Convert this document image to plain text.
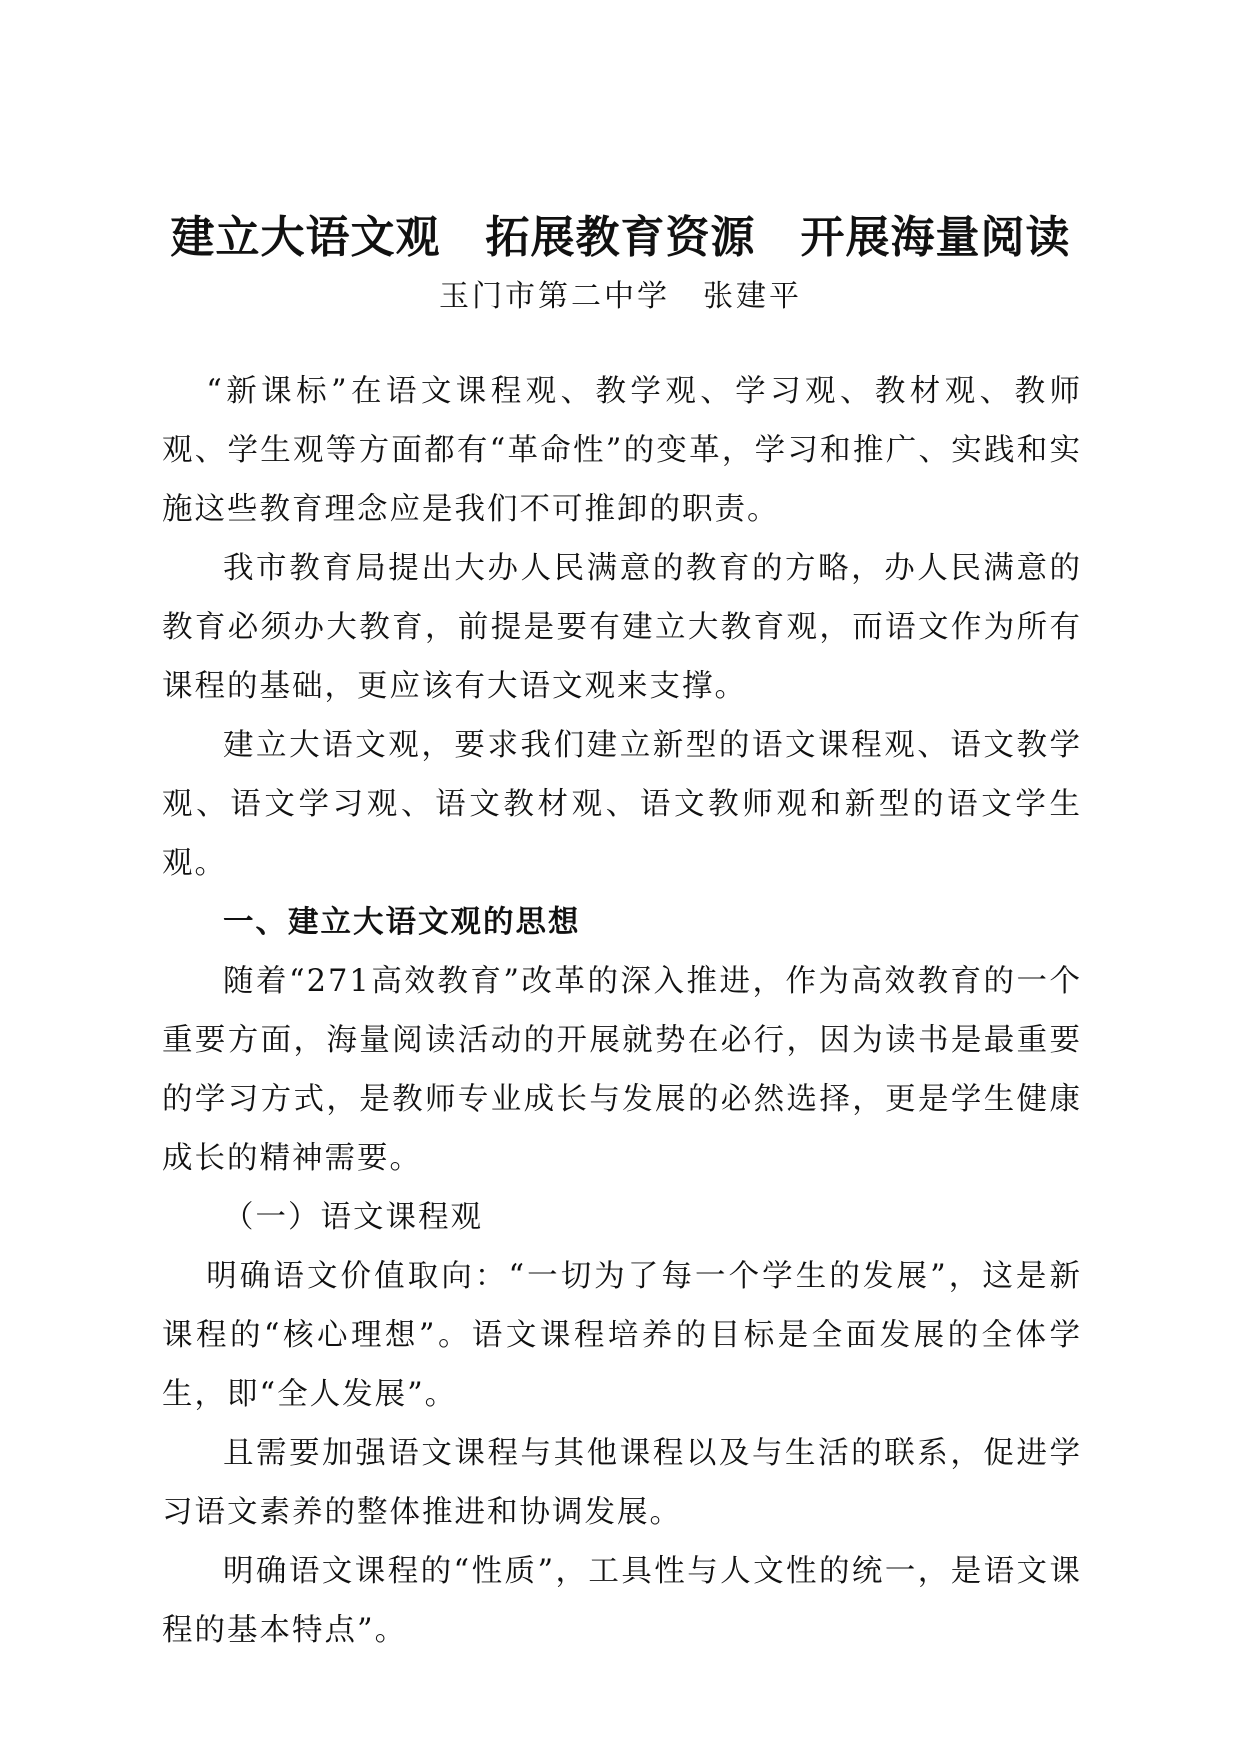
建立大语文观　拓展教育资源　开展海量阅读
玉门市第二中学　张建平

“新课标”在语文课程观、教学观、学习观、教材观、教师观、学生观等方面都有“革命性”的变革，学习和推广、实践和实施这些教育理念应是我们不可推卸的职责。

我市教育局提出大办人民满意的教育的方略，办人民满意的教育必须办大教育，前提是要有建立大教育观，而语文作为所有课程的基础，更应该有大语文观来支撑。

建立大语文观，要求我们建立新型的语文课程观、语文教学观、语文学习观、语文教材观、语文教师观和新型的语文学生观。

一、建立大语文观的思想

随着“271高效教育”改革的深入推进，作为高效教育的一个重要方面，海量阅读活动的开展就势在必行，因为读书是最重要的学习方式，是教师专业成长与发展的必然选择，更是学生健康成长的精神需要。

（一）语文课程观

明确语文价值取向：“一切为了每一个学生的发展”，这是新课程的“核心理想”。语文课程培养的目标是全面发展的全体学生，即“全人发展”。

且需要加强语文课程与其他课程以及与生活的联系，促进学习语文素养的整体推进和协调发展。

明确语文课程的“性质”，工具性与人文性的统一，是语文课程的基本特点”。
